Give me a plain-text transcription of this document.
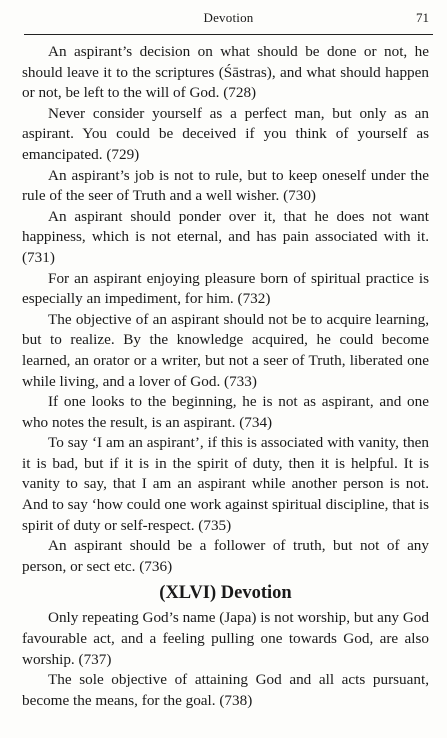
Devotion	71

An aspirant’s decision on what should be done or not, he should leave it to the scriptures (Śāstras), and what should happen or not, be left to the will of God. (728)

Never consider yourself as a perfect man, but only as an aspirant. You could be deceived if you think of yourself as emancipated. (729)

An aspirant’s job is not to rule, but to keep oneself under the rule of the seer of Truth and a well wisher. (730)

An aspirant should ponder over it, that he does not want happiness, which is not eternal, and has pain associated with it. (731)

For an aspirant enjoying pleasure born of spiritual practice is especially an impediment, for him. (732)

The objective of an aspirant should not be to acquire learning, but to realize. By the knowledge acquired, he could become learned, an orator or a writer, but not a seer of Truth, liberated one while living, and a lover of God. (733)

If one looks to the beginning, he is not as aspirant, and one who notes the result, is an aspirant. (734)

To say ‘I am an aspirant’, if this is associated with vanity, then it is bad, but if it is in the spirit of duty, then it is helpful. It is vanity to say, that I am an aspirant while another person is not. And to say ‘how could one work against spiritual discipline, that is spirit of duty or self-respect. (735)

An aspirant should be a follower of truth, but not of any person, or sect etc. (736)

(XLVI) Devotion

Only repeating God’s name (Japa) is not worship, but any God favourable act, and a feeling pulling one towards God, are also worship. (737)

The sole objective of attaining God and all acts pursuant, become the means, for the goal. (738)
